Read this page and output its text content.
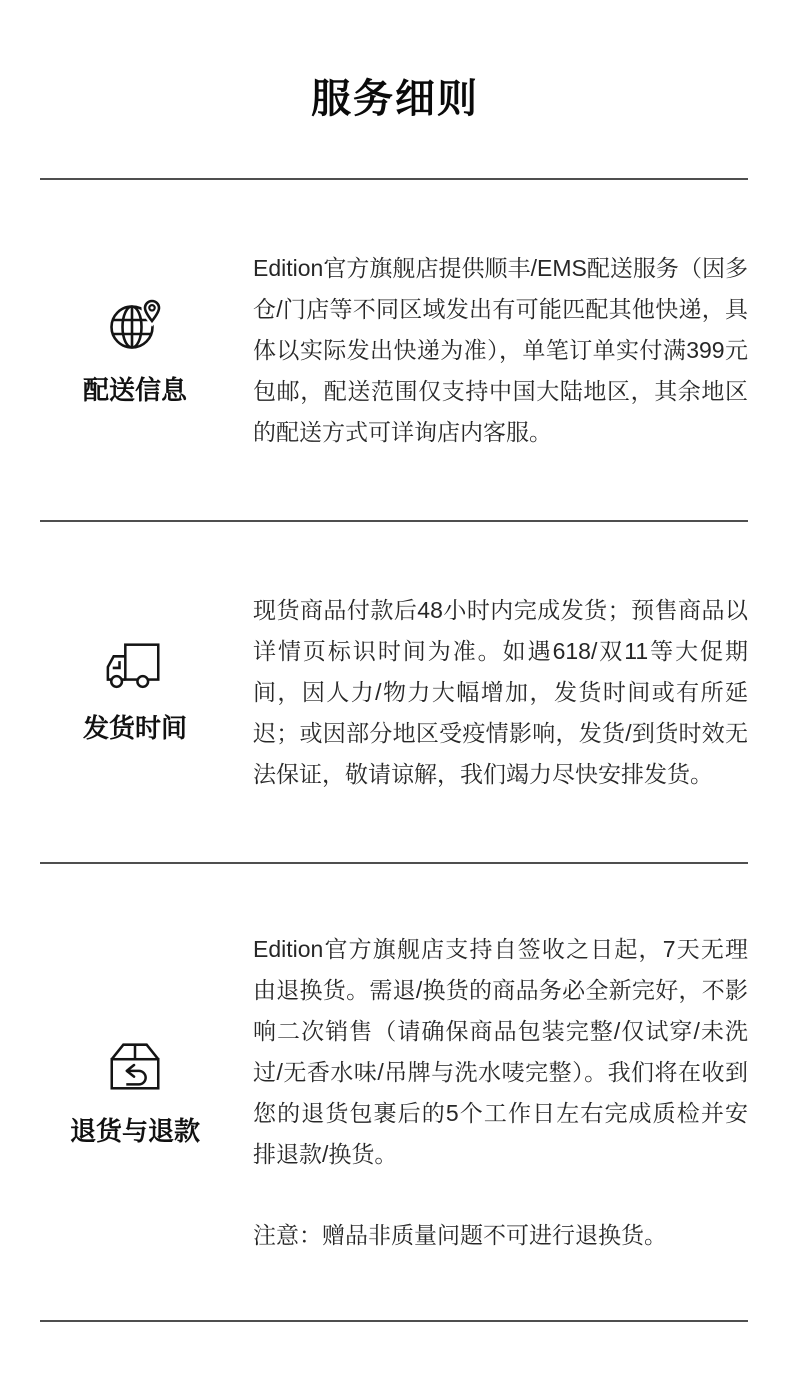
服务细则
配送信息

Edition官方旗舰店提供顺丰/EMS配送服务（因多仓/门店等不同区域发出有可能匹配其他快递，具体以实际发出快递为准），单笔订单实付满399元包邮，配送范围仅支持中国大陆地区，其余地区的配送方式可详询店内客服。

发货时间

现货商品付款后48小时内完成发货；预售商品以详情页标识时间为准。如遇618/双11等大促期间，因人力/物力大幅增加，发货时间或有所延迟；或因部分地区受疫情影响，发货/到货时效无法保证，敬请谅解，我们竭力尽快安排发货。

退货与退款

Edition官方旗舰店支持自签收之日起，7天无理由退换货。需退/换货的商品务必全新完好，不影响二次销售（请确保商品包装完整/仅试穿/未洗过/无香水味/吊牌与洗水唛完整）。我们将在收到您的退货包裹后的5个工作日左右完成质检并安排退款/换货。

注意：赠品非质量问题不可进行退换货。
